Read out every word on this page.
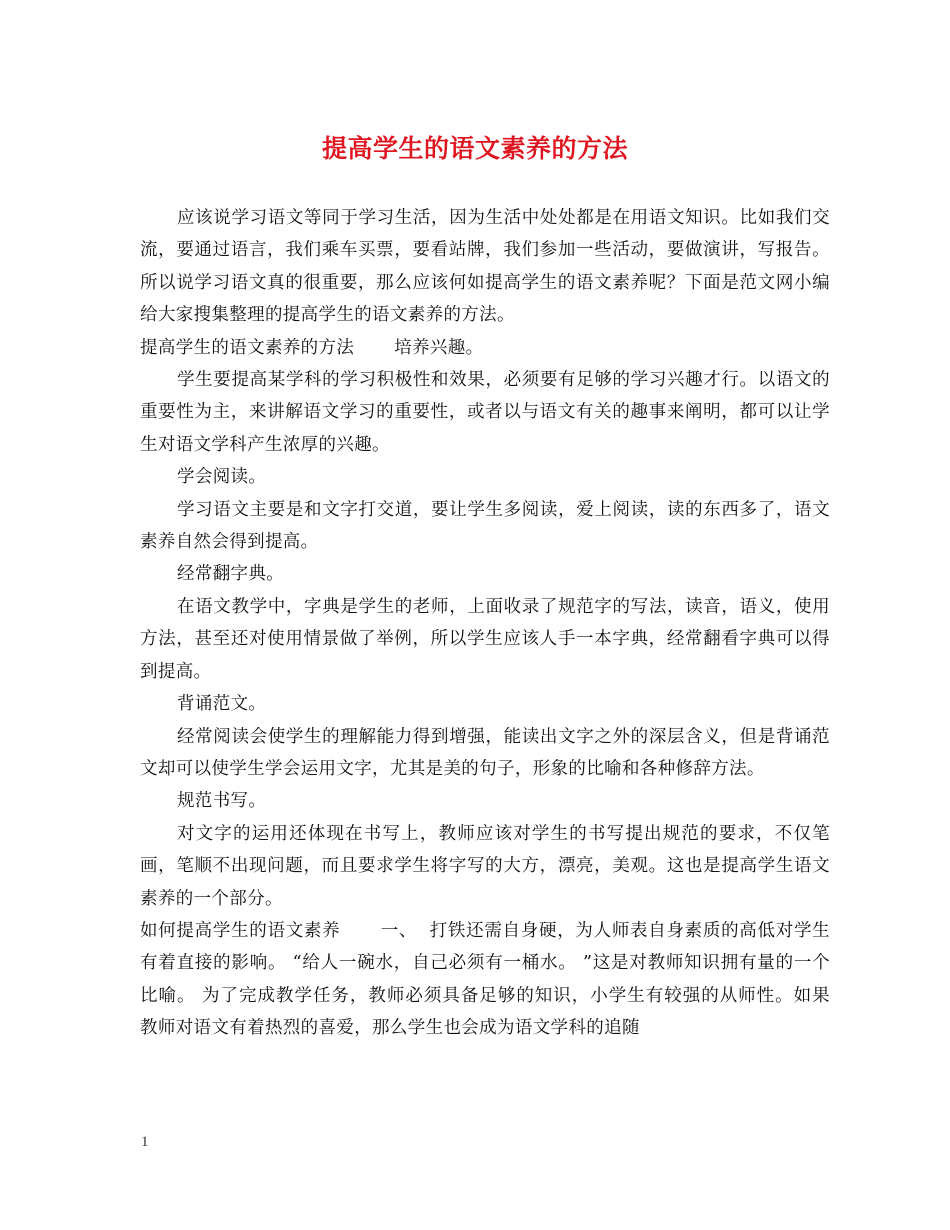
提高学生的语文素养的方法

应该说学习语文等同于学习生活，因为生活中处处都是在用语文知识。比如我们交流，要通过语言，我们乘车买票，要看站牌，我们参加一些活动，要做演讲，写报告。所以说学习语文真的很重要，那么应该何如提高学生的语文素养呢？下面是范文网小编给大家搜集整理的提高学生的语文素养的方法。

提高学生的语文素养的方法 培养兴趣。

学生要提高某学科的学习积极性和效果，必须要有足够的学习兴趣才行。以语文的重要性为主，来讲解语文学习的重要性，或者以与语文有关的趣事来阐明，都可以让学生对语文学科产生浓厚的兴趣。

学会阅读。

学习语文主要是和文字打交道，要让学生多阅读，爱上阅读，读的东西多了，语文素养自然会得到提高。

经常翻字典。

在语文教学中，字典是学生的老师，上面收录了规范字的写法，读音，语义，使用方法，甚至还对使用情景做了举例，所以学生应该人手一本字典，经常翻看字典可以得到提高。

背诵范文。

经常阅读会使学生的理解能力得到增强，能读出文字之外的深层含义，但是背诵范文却可以使学生学会运用文字，尤其是美的句子，形象的比喻和各种修辞方法。

规范书写。

对文字的运用还体现在书写上，教师应该对学生的书写提出规范的要求，不仅笔画，笔顺不出现问题，而且要求学生将字写的大方，漂亮，美观。这也是提高学生语文素养的一个部分。

如何提高学生的语文素养 一、 打铁还需自身硬，为人师表自身素质的高低对学生有着直接的影响。 “给人一碗水，自己必须有一桶水。 ”这是对教师知识拥有量的一个比喻。 为了完成教学任务，教师必须具备足够的知识，小学生有较强的从师性。如果 教师对语文有着热烈的喜爱，那么学生也会成为语文学科的追随

1
